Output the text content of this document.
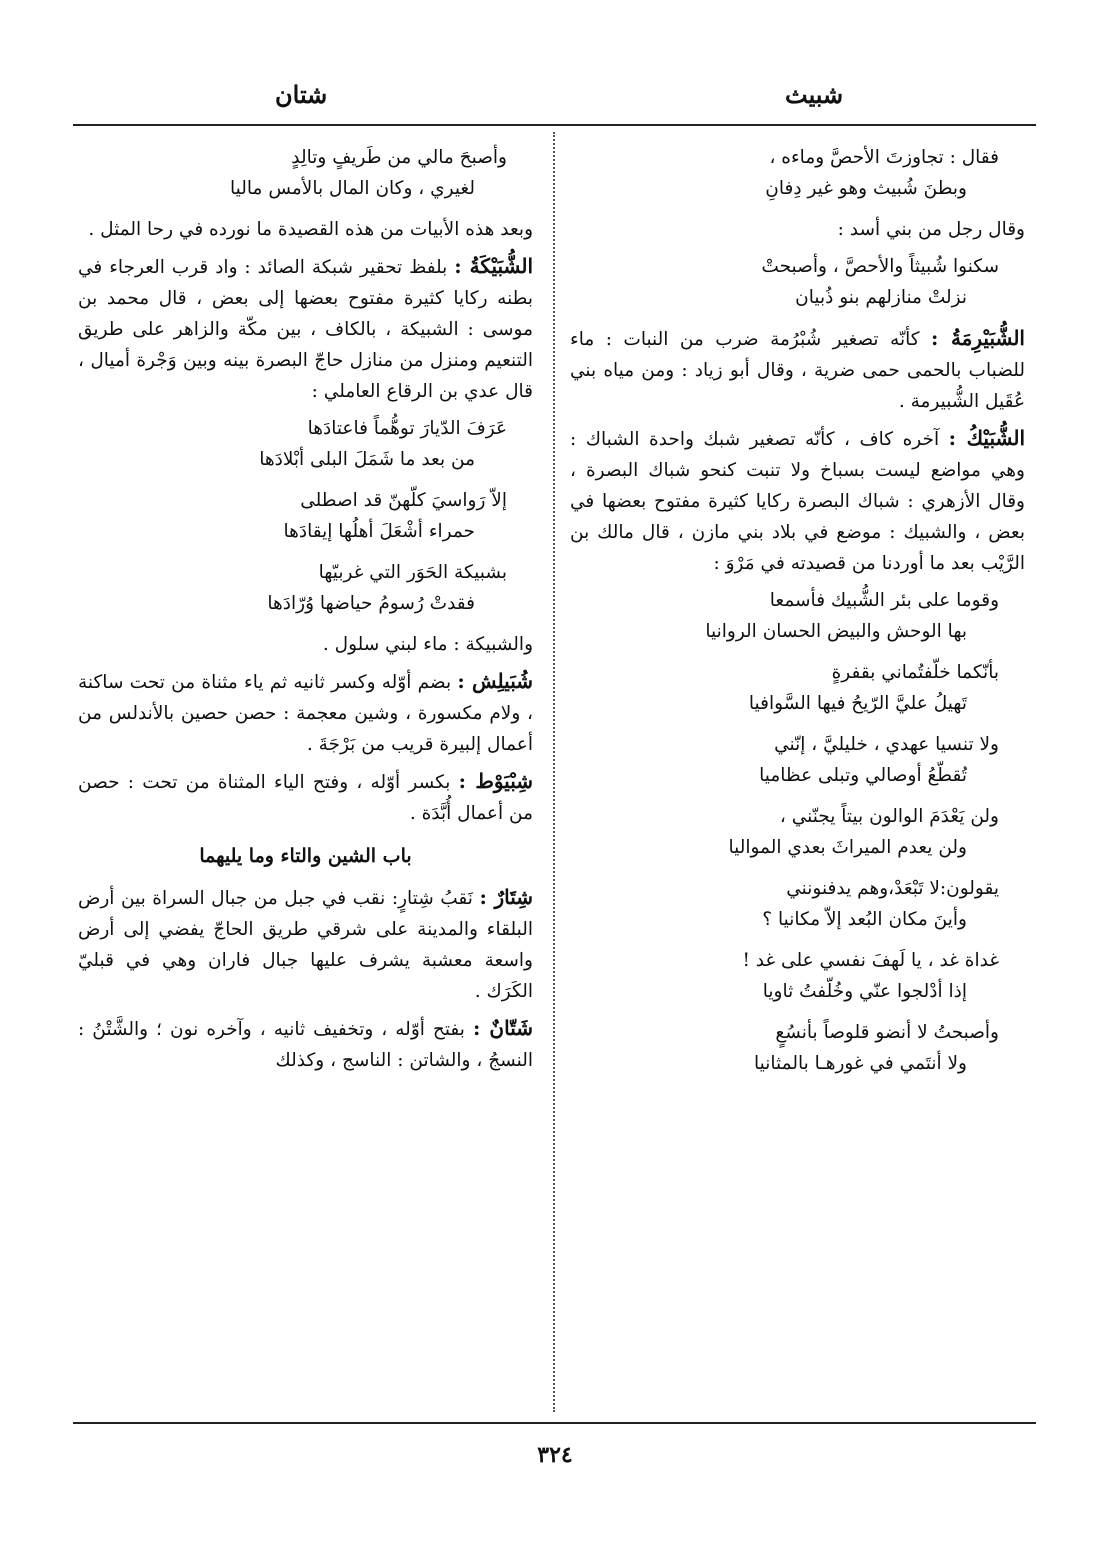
شبيث
شتان
فقال : تجاوزتَ الأحصَّ وماءه ،
وبطنَ شُبيث وهو غير دِفانِ

وقال رجل من بني أسد :

سكنوا شُبيثاً والأحصَّ ، وأصبحتْ
نزلتْ منازلهم بنو ذُبيان

الشُّبَيْرِمَةُ : كأنّه تصغير شُبْرُمة ضرب من النبات : ماء للضباب بالحمى حمى ضرية ، وقال أبو زياد : ومن مياه بني عُقَيل الشُّبيرمة .

الشُّبَيْكُ : آخره كاف ، كأنّه تصغير شبك واحدة الشباك : وهي مواضع ليست بسباخ ولا تنبت كنحو شباك البصرة ، وقال الأزهري : شباك البصرة ركايا كثيرة مفتوح بعضها في بعض ، والشبيك : موضع في بلاد بني مازن ، قال مالك بن الرَّيْب بعد ما أوردنا من قصيدته في مَرْوَ :

وقوما على بئر الشُّبيك فأسمعا
بها الوحش والبيض الحسان الروانيا
بأنّكما خلّفتُماني بقفرةٍ
تَهيلُ عليَّ الرّيحُ فيها السَّوافيا
ولا تنسيا عهدي ، خليليَّ ، إنّني
تُقطّعُ أوصالي وتبلى عظاميا
ولن يَعْدَمَ الوالون بيتاً يجنّني ،
ولن يعدم الميراثَ بعدي المواليا
يقولون:لا تَبْعَدْ،وهم يدفنونني
وأينَ مكان البُعد إلاّ مكانيا ؟
غداة غد ، يا لَهفَ نفسي على غد !
إذا أدْلجوا عنّي وخُلّفتُ ثاويا
وأصبحتُ لا أنضو قلوصاً بأنسُعٍ
ولا أنتَمي في غورهـا بالمثانيا
وأصبحَ مالي من طَريفٍ وتالِدٍ
لغيري ، وكان المال بالأمس ماليا

وبعد هذه الأبيات من هذه القصيدة ما نورده في رحا المثل .

الشُّبَيْكَةُ : بلفظ تحقير شبكة الصائد : واد قرب العرجاء في بطنه ركايا كثيرة مفتوح بعضها إلى بعض ، قال محمد بن موسى : الشبيكة ، بالكاف ، بين مكّة والزاهر على طريق التنعيم ومنزل من منازل حاجّ البصرة بينه وبين وَجْرة أميال ، قال عدي بن الرقاع العاملي :

عَرَفَ الدّيارَ توهُّماً فاعتادَها
من بعد ما شَمَلَ البلى أبْلادَها
إلاّ رَواسيَ كلّهنّ قد اصطلى
حمراء أشْعَلَ أهلُها إيقادَها
بشبيكة الحَوَر التي غربيّها
فقدتْ رُسومُ حياضها وُرّادَها

والشبيكة : ماء لبني سلول .

شُبَيلِش : بضم أوّله وكسر ثانيه ثم ياء مثناة من تحت ساكنة ، ولام مكسورة ، وشين معجمة : حصن حصين بالأندلس من أعمال إلبيرة قريب من بَرْجَةَ .

شِبْيَوْط : بكسر أوّله ، وفتح الياء المثناة من تحت : حصن من أعمال أُبَّدَة .

باب الشين والتاء وما يليهما

شِتَارٌ : نَقبُ شِتارٍ: نقب في جبل من جبال السراة بين أرض البلقاء والمدينة على شرقي طريق الحاجّ يفضي إلى أرض واسعة معشبة يشرف عليها جبال فاران وهي في قبليّ الكَرَك .

شَتّانٌ : بفتح أوّله ، وتخفيف ثانيه ، وآخره نون ؛ والشَّتْنُ : النسجُ ، والشاتن : الناسج ، وكذلك

٣٢٤
